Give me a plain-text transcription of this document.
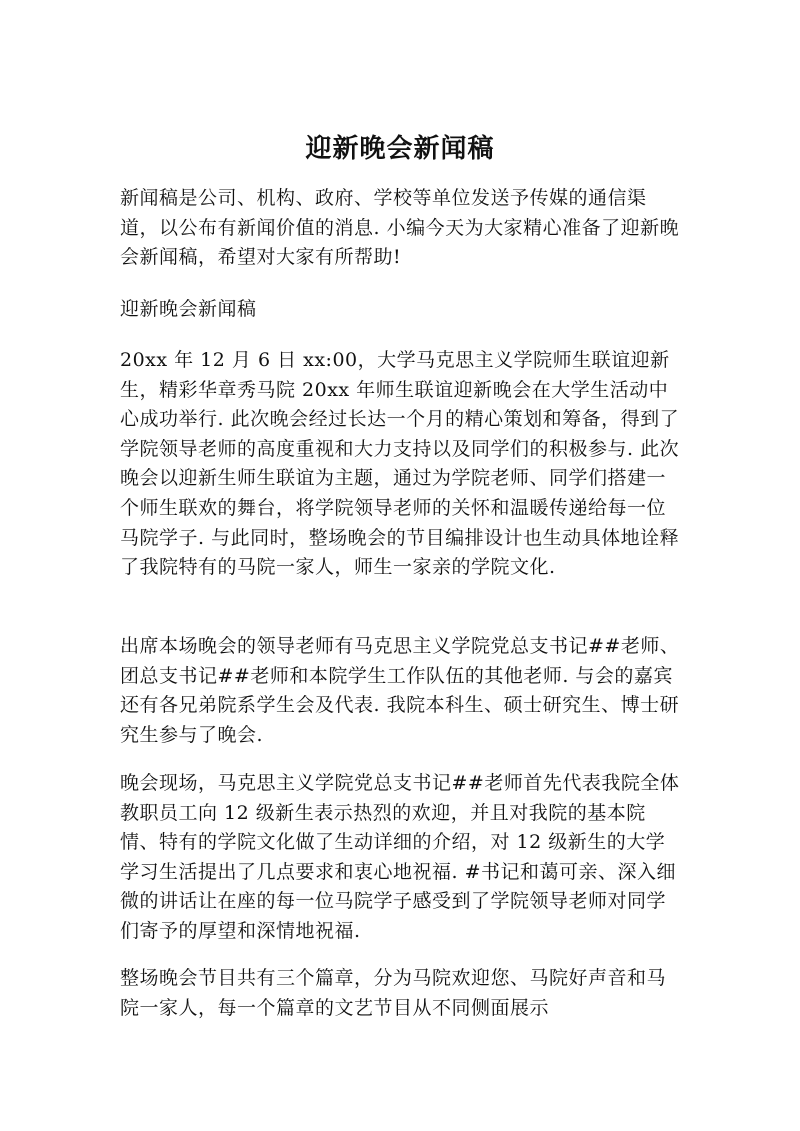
迎新晚会新闻稿

新闻稿是公司、机构、政府、学校等单位发送予传媒的通信渠道，以公布有新闻价值的消息. 小编今天为大家精心准备了迎新晚会新闻稿，希望对大家有所帮助!

迎新晚会新闻稿

20xx 年 12 月 6 日 xx:00，大学马克思主义学院师生联谊迎新生，精彩华章秀马院 20xx 年师生联谊迎新晚会在大学生活动中心成功举行. 此次晚会经过长达一个月的精心策划和筹备，得到了学院领导老师的高度重视和大力支持以及同学们的积极参与. 此次晚会以迎新生师生联谊为主题，通过为学院老师、同学们搭建一个师生联欢的舞台，将学院领导老师的关怀和温暖传递给每一位马院学子. 与此同时，整场晚会的节目编排设计也生动具体地诠释了我院特有的马院一家人，师生一家亲的学院文化.

出席本场晚会的领导老师有马克思主义学院党总支书记##老师、团总支书记##老师和本院学生工作队伍的其他老师. 与会的嘉宾还有各兄弟院系学生会及代表. 我院本科生、硕士研究生、博士研究生参与了晚会.

晚会现场，马克思主义学院党总支书记##老师首先代表我院全体教职员工向 12 级新生表示热烈的欢迎，并且对我院的基本院情、特有的学院文化做了生动详细的介绍，对 12 级新生的大学学习生活提出了几点要求和衷心地祝福. #书记和蔼可亲、深入细微的讲话让在座的每一位马院学子感受到了学院领导老师对同学们寄予的厚望和深情地祝福.

整场晚会节目共有三个篇章，分为马院欢迎您、马院好声音和马院一家人，每一个篇章的文艺节目从不同侧面展示
